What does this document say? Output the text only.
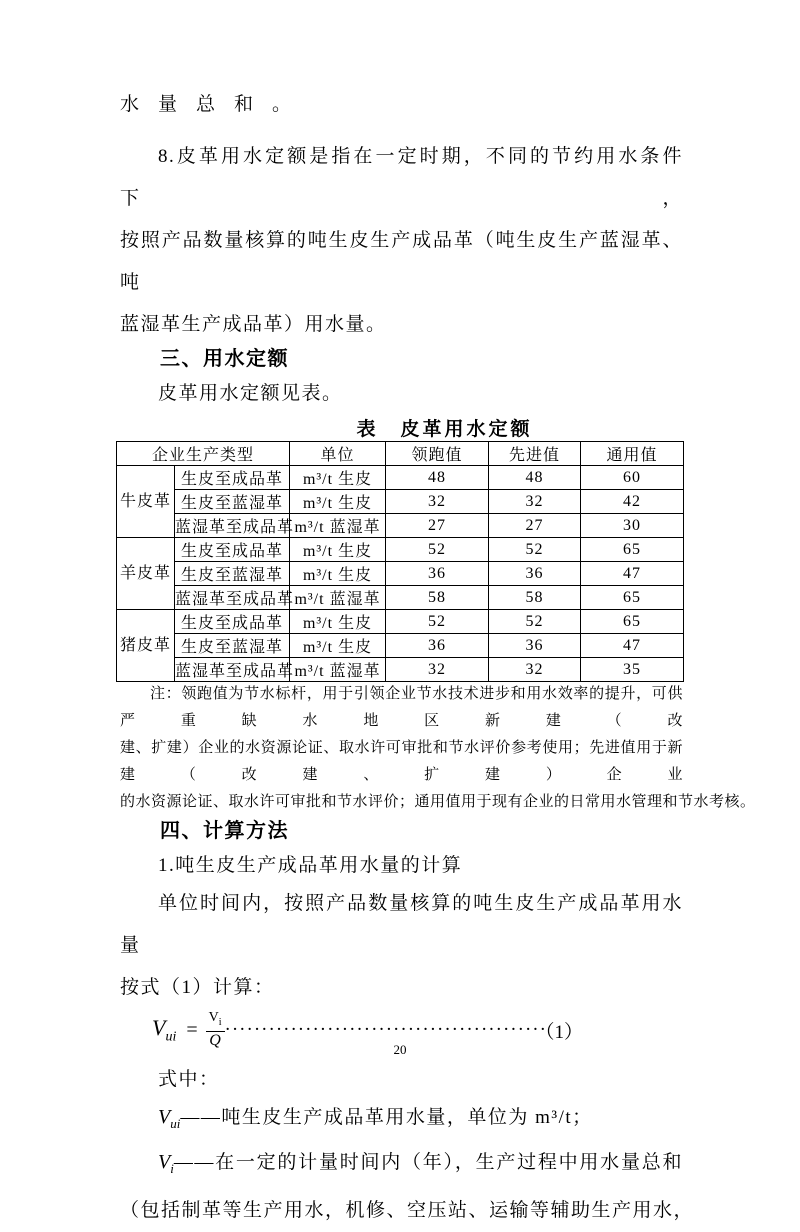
水量总和。
8.皮革用水定额是指在一定时期，不同的节约用水条件下，
按照产品数量核算的吨生皮生产成品革（吨生皮生产蓝湿革、吨
蓝湿革生产成品革）用水量。
三、用水定额
皮革用水定额见表。
表　皮革用水定额
企业生产类型		单位	领跑值	先进值	通用值
牛皮革	生皮至成品革	m³/t 生皮	48	48	60
	生皮至蓝湿革	m³/t 生皮	32	32	42
	蓝湿革至成品革	m³/t 蓝湿革	27	27	30
羊皮革	生皮至成品革	m³/t 生皮	52	52	65
	生皮至蓝湿革	m³/t 生皮	36	36	47
	蓝湿革至成品革	m³/t 蓝湿革	58	58	65
猪皮革	生皮至成品革	m³/t 生皮	52	52	65
	生皮至蓝湿革	m³/t 生皮	36	36	47
	蓝湿革至成品革	m³/t 蓝湿革	32	32	35
注：领跑值为节水标杆，用于引领企业节水技术进步和用水效率的提升，可供严重缺水地区新建（改
建、扩建）企业的水资源论证、取水许可审批和节水评价参考使用；先进值用于新建（改建、扩建）企业
的水资源论证、取水许可审批和节水评价；通用值用于现有企业的日常用水管理和节水考核。
四、计算方法
1.吨生皮生产成品革用水量的计算
单位时间内，按照产品数量核算的吨生皮生产成品革用水量
按式（1）计算：
$V_{ui} = \frac{V_i}{Q}$ ············································
（1）
式中：
$V_{ui}——$吨生皮生产成品革用水量，单位为 m³/t；
$V_i——$在一定的计量时间内（年），生产过程中用水量总和
（包括制革等生产用水，机修、空压站、运输等辅助生产用水，
20
